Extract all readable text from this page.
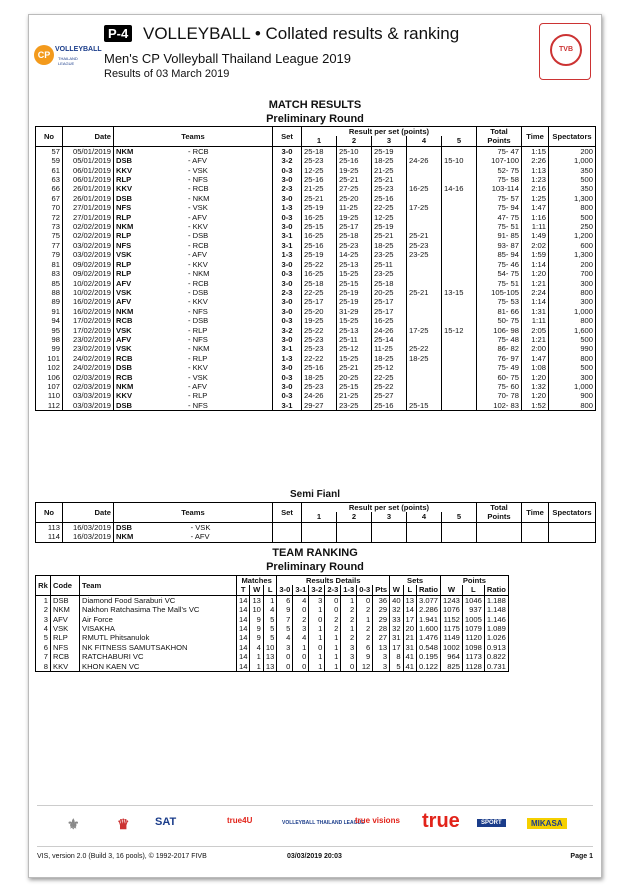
CP
VOLLEYBALL
THAILAND LEAGUE
P-4 VOLLEYBALL • Collated results & ranking
Men's CP Volleyball Thailand League 2019
Results of 03 March 2019
TVB
MATCH RESULTS
Preliminary Round
No	Date	Teams		Set	Result per set (points)					Total	Time	Spectators
					1	2	3	4	5	Points		
57	05/01/2019	NKM	- RCB	3-0	25-18	25-10	25-19			75- 47	1:15	200
59	05/01/2019	DSB	- AFV	3-2	25-23	25-16	18-25	24-26	15-10	107-100	2:26	1,000
61	06/01/2019	KKV	- VSK	0-3	12-25	19-25	21-25			52- 75	1:13	350
63	06/01/2019	RLP	- NFS	3-0	25-16	25-21	25-21			75- 58	1:23	500
66	26/01/2019	KKV	- RCB	2-3	21-25	27-25	25-23	16-25	14-16	103-114	2:16	350
67	26/01/2019	DSB	- NKM	3-0	25-21	25-20	25-16			75- 57	1:25	1,300
70	27/01/2019	NFS	- VSK	1-3	25-19	11-25	22-25	17-25		75- 94	1:47	800
72	27/01/2019	RLP	- AFV	0-3	16-25	19-25	12-25			47- 75	1:16	500
73	02/02/2019	NKM	- KKV	3-0	25-15	25-17	25-19			75- 51	1:11	250
75	02/02/2019	RLP	- DSB	3-1	16-25	25-18	25-21	25-21		91- 85	1:49	1,200
77	03/02/2019	NFS	- RCB	3-1	25-16	25-23	18-25	25-23		93- 87	2:02	600
79	03/02/2019	VSK	- AFV	1-3	25-19	14-25	23-25	23-25		85- 94	1:59	1,300
81	09/02/2019	RLP	- KKV	3-0	25-22	25-13	25-11			75- 46	1:14	200
83	09/02/2019	RLP	- NKM	0-3	16-25	15-25	23-25			54- 75	1:20	700
85	10/02/2019	AFV	- RCB	3-0	25-18	25-15	25-18			75- 51	1:21	300
88	10/02/2019	VSK	- DSB	2-3	22-25	25-19	20-25	25-21	13-15	105-105	2:24	800
89	16/02/2019	AFV	- KKV	3-0	25-17	25-19	25-17			75- 53	1:14	300
91	16/02/2019	NKM	- NFS	3-0	25-20	31-29	25-17			81- 66	1:31	1,000
94	17/02/2019	RCB	- DSB	0-3	19-25	15-25	16-25			50- 75	1:11	800
95	17/02/2019	VSK	- RLP	3-2	25-22	25-13	24-26	17-25	15-12	106- 98	2:05	1,600
98	23/02/2019	AFV	- NFS	3-0	25-23	25-11	25-14			75- 48	1:21	500
99	23/02/2019	VSK	- NKM	3-1	25-23	25-12	11-25	25-22		86- 82	2:00	990
101	24/02/2019	RCB	- RLP	1-3	22-22	15-25	18-25	18-25		76- 97	1:47	800
102	24/02/2019	DSB	- KKV	3-0	25-16	25-21	25-12			75- 49	1:08	500
106	02/03/2019	RCB	- VSK	0-3	18-25	20-25	22-25			60- 75	1:20	300
107	02/03/2019	NKM	- AFV	3-0	25-23	25-15	25-22			75- 60	1:32	1,000
110	03/03/2019	KKV	- RLP	0-3	24-26	21-25	25-27			70- 78	1:20	900
112	03/03/2019	DSB	- NFS	3-1	29-27	23-25	25-16	25-15		102- 83	1:52	800
Semi Fianl
No	Date	Teams		Set	Result per set (points)					Total	Time	Spectators
					1	2	3	4	5	Points		
113	16/03/2019	DSB	- VSK									
114	16/03/2019	NKM	- AFV									
TEAM RANKING
Preliminary Round
Rk	Code	Team	Matches			Results Details							Sets			Points		
			T	W	L	3-0	3-1	3-2	2-3	1-3	0-3	Pts	W	L	Ratio	W	L	Ratio
1	DSB	Diamond Food Saraburi VC	14	13	1	6	4	3	0	1	0	36	40	13	3.077	1243	1046	1.188
2	NKM	Nakhon Ratchasima The Mall's VC	14	10	4	9	0	1	0	2	2	29	32	14	2.286	1076	937	1.148
3	AFV	Air Force	14	9	5	7	2	0	2	2	1	29	33	17	1.941	1152	1005	1.146
4	VSK	VISAKHA	14	9	5	5	3	1	2	1	2	28	32	20	1.600	1175	1079	1.089
5	RLP	RMUTL Phitsanulok	14	9	5	4	4	1	1	2	2	27	31	21	1.476	1149	1120	1.026
6	NFS	NK FITNESS SAMUTSAKHON	14	4	10	3	1	0	1	3	6	13	17	31	0.548	1002	1098	0.913
7	RCB	RATCHABURI VC	14	1	13	0	0	1	1	3	9	3	8	41	0.195	964	1173	0.822
8	KKV	KHON KAEN VC	14	1	13	0	0	1	1	0	12	3	5	41	0.122	825	1128	0.731
⚜	♛ SAT	true4U	VOLLEYBALL THAILAND LEAGUE
true visions true	SPORT	MIKASA
VIS, version 2.0 (Build 3, 16 pools), © 1992-2017 FIVB	03/03/2019 20:03	Page 1
